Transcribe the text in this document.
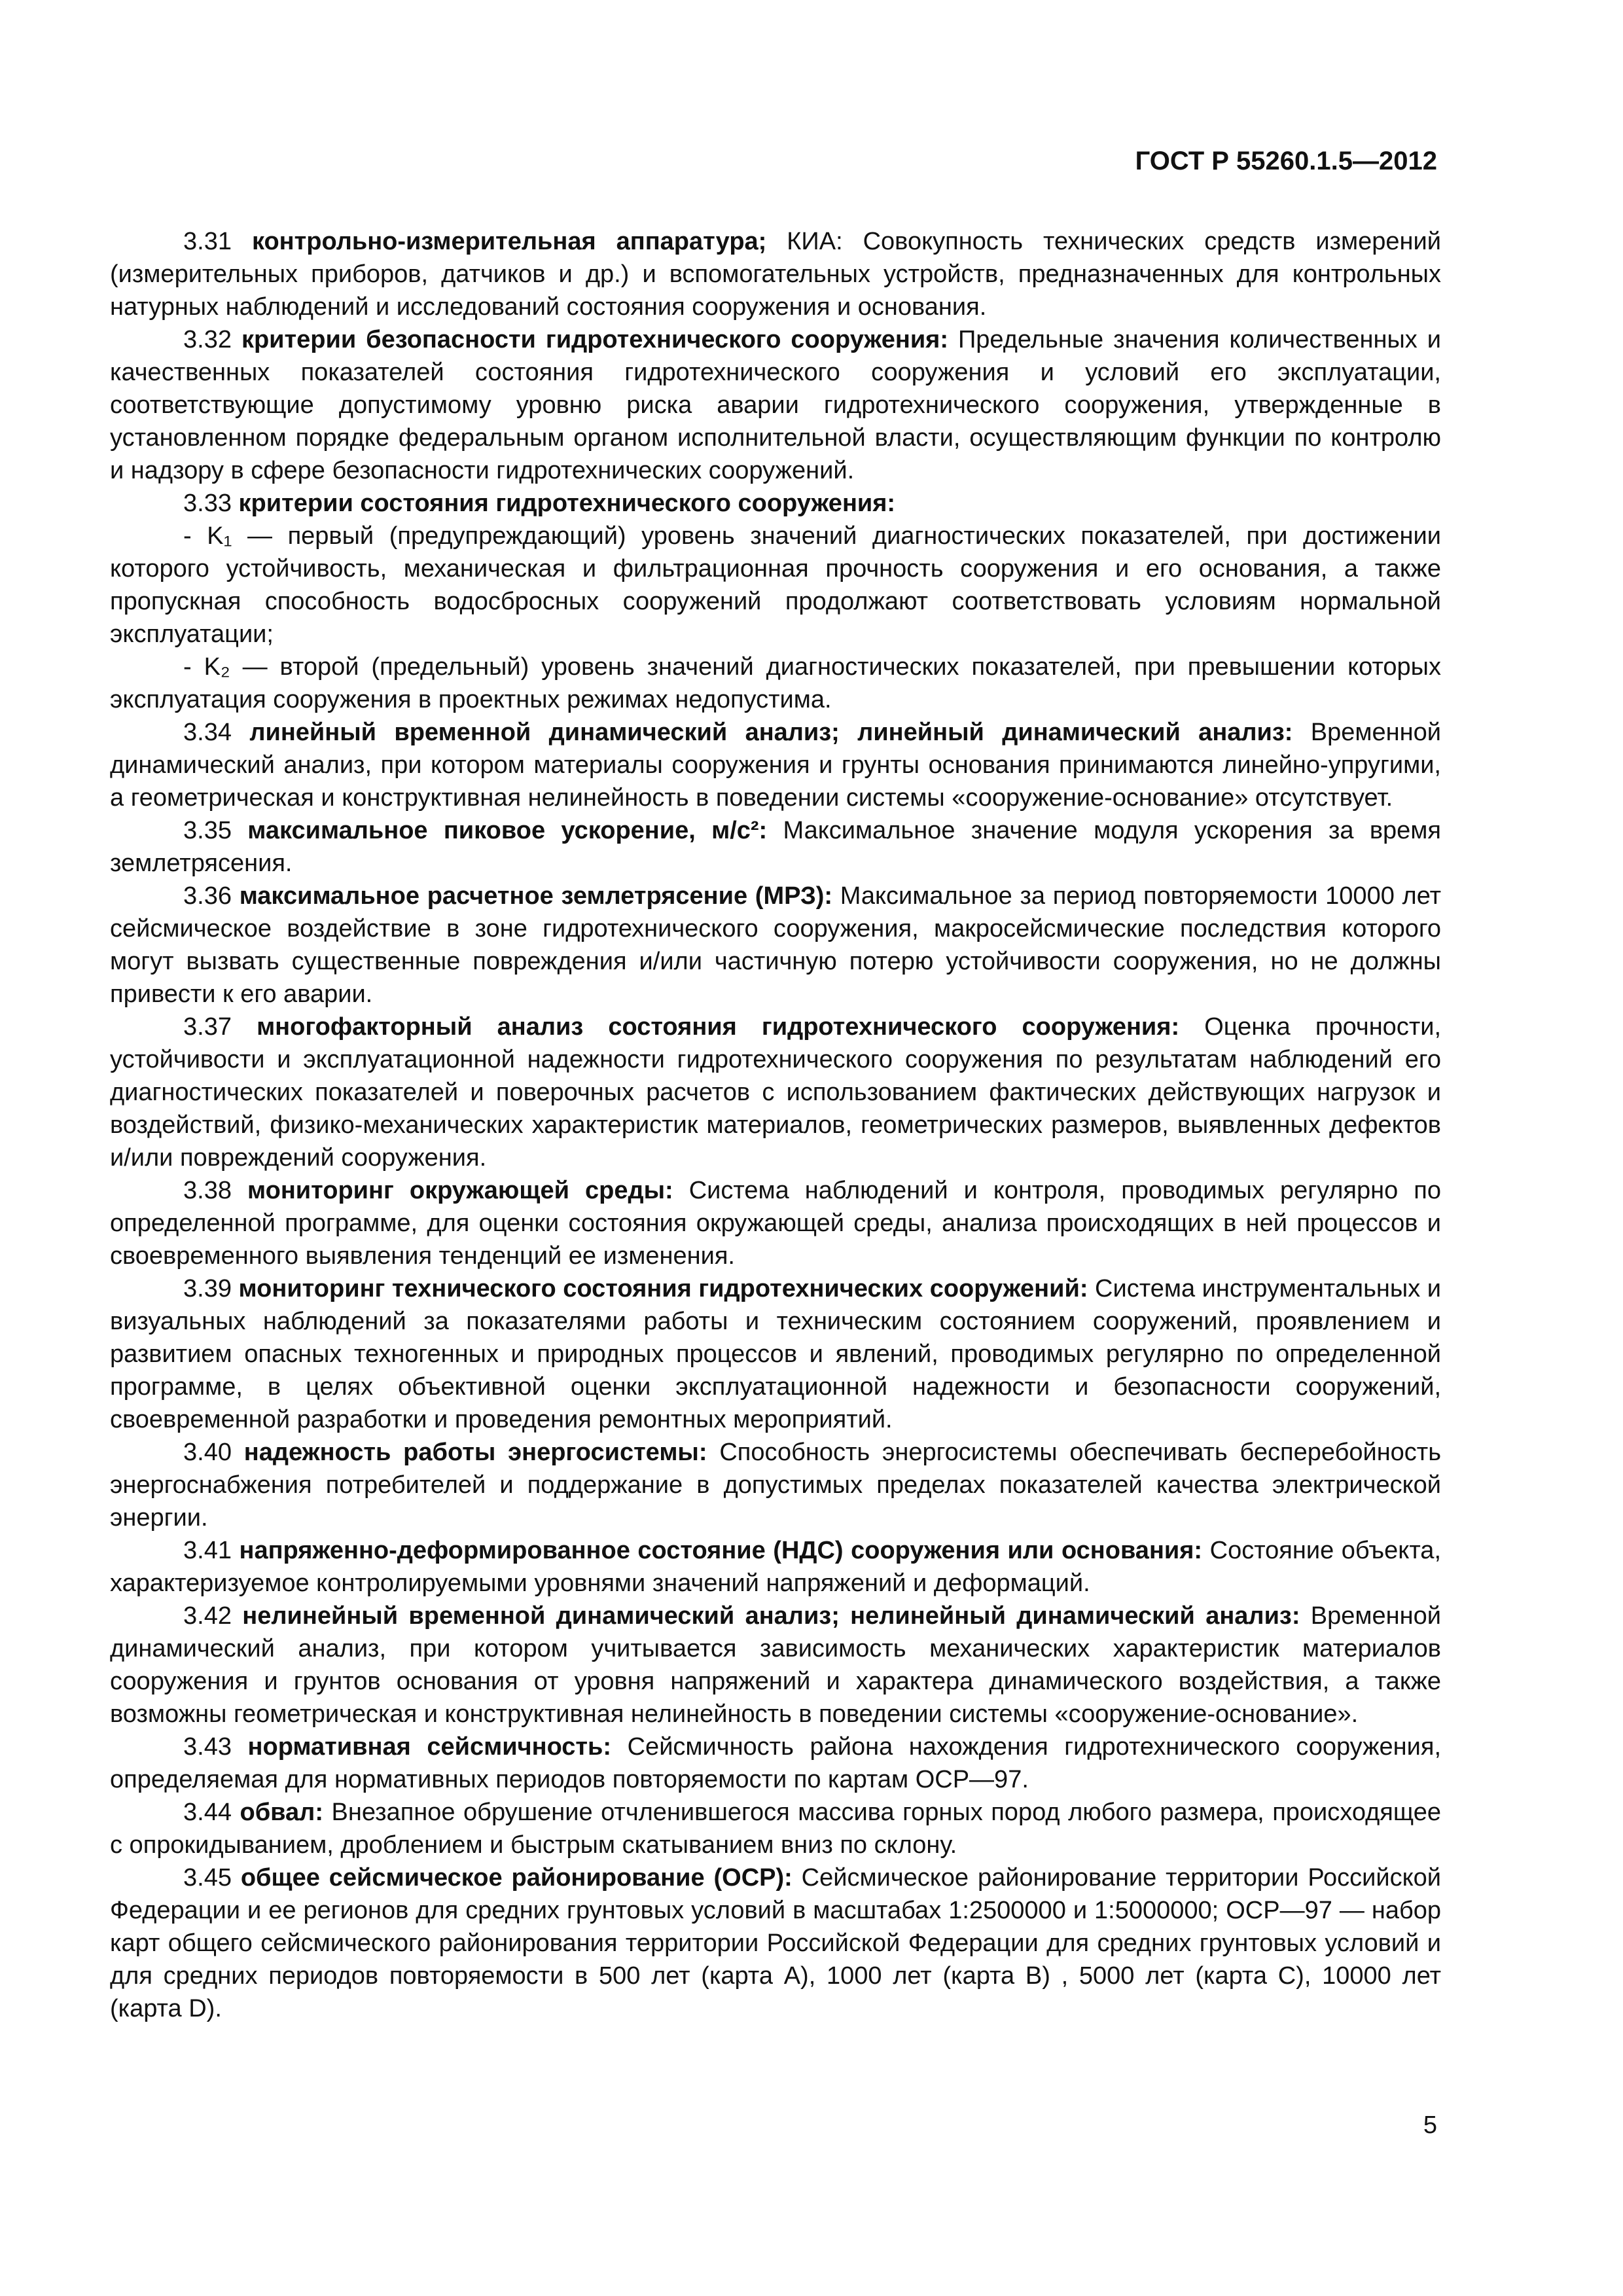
ГОСТ Р 55260.1.5—2012

3.31 контрольно-измерительная аппаратура; КИА: Совокупность технических средств измерений (измерительных приборов, датчиков и др.) и вспомогательных устройств, предназначенных для контрольных натурных наблюдений и исследований состояния сооружения и основания.

3.32 критерии безопасности гидротехнического сооружения: Предельные значения количественных и качественных показателей состояния гидротехнического сооружения и условий его эксплуатации, соответствующие допустимому уровню риска аварии гидротехнического сооружения, утвержденные в установленном порядке федеральным органом исполнительной власти, осуществляющим функции по контролю и надзору в сфере безопасности гидротехнических сооружений.

3.33 критерии состояния гидротехнического сооружения:

- K₁ — первый (предупреждающий) уровень значений диагностических показателей, при достижении которого устойчивость, механическая и фильтрационная прочность сооружения и его основания, а также пропускная способность водосбросных сооружений продолжают соответствовать условиям нормальной эксплуатации;

- K₂ — второй (предельный) уровень значений диагностических показателей, при превышении которых эксплуатация сооружения в проектных режимах недопустима.

3.34 линейный временной динамический анализ; линейный динамический анализ: Временной динамический анализ, при котором материалы сооружения и грунты основания принимаются линейно-упругими, а геометрическая и конструктивная нелинейность в поведении системы «сооружение-основание» отсутствует.

3.35 максимальное пиковое ускорение, м/с²: Максимальное значение модуля ускорения за время землетрясения.

3.36 максимальное расчетное землетрясение (МРЗ): Максимальное за период повторяемости 10000 лет сейсмическое воздействие в зоне гидротехнического сооружения, макросейсмические последствия которого могут вызвать существенные повреждения и/или частичную потерю устойчивости сооружения, но не должны привести к его аварии.

3.37 многофакторный анализ состояния гидротехнического сооружения: Оценка прочности, устойчивости и эксплуатационной надежности гидротехнического сооружения по результатам наблюдений его диагностических показателей и поверочных расчетов с использованием фактических действующих нагрузок и воздействий, физико-механических характеристик материалов, геометрических размеров, выявленных дефектов и/или повреждений сооружения.

3.38 мониторинг окружающей среды: Система наблюдений и контроля, проводимых регулярно по определенной программе, для оценки состояния окружающей среды, анализа происходящих в ней процессов и своевременного выявления тенденций ее изменения.

3.39 мониторинг технического состояния гидротехнических сооружений: Система инструментальных и визуальных наблюдений за показателями работы и техническим состоянием сооружений, проявлением и развитием опасных техногенных и природных процессов и явлений, проводимых регулярно по определенной программе, в целях объективной оценки эксплуатационной надежности и безопасности сооружений, своевременной разработки и проведения ремонтных мероприятий.

3.40 надежность работы энергосистемы: Способность энергосистемы обеспечивать бесперебойность энергоснабжения потребителей и поддержание в допустимых пределах показателей качества электрической энергии.

3.41 напряженно-деформированное состояние (НДС) сооружения или основания: Состояние объекта, характеризуемое контролируемыми уровнями значений напряжений и деформаций.

3.42 нелинейный временной динамический анализ; нелинейный динамический анализ: Временной динамический анализ, при котором учитывается зависимость механических характеристик материалов сооружения и грунтов основания от уровня напряжений и характера динамического воздействия, а также возможны геометрическая и конструктивная нелинейность в поведении системы «сооружение-основание».

3.43 нормативная сейсмичность: Сейсмичность района нахождения гидротехнического сооружения, определяемая для нормативных периодов повторяемости по картам ОСР—97.

3.44 обвал: Внезапное обрушение отчленившегося массива горных пород любого размера, происходящее с опрокидыванием, дроблением и быстрым скатыванием вниз по склону.

3.45 общее сейсмическое районирование (ОСР): Сейсмическое районирование территории Российской Федерации и ее регионов для средних грунтовых условий в масштабах 1:2500000 и 1:5000000; ОСР—97 — набор карт общего сейсмического районирования территории Российской Федерации для средних грунтовых условий и для средних периодов повторяемости в 500 лет (карта А), 1000 лет (карта В) , 5000 лет (карта С), 10000 лет (карта D).

5
